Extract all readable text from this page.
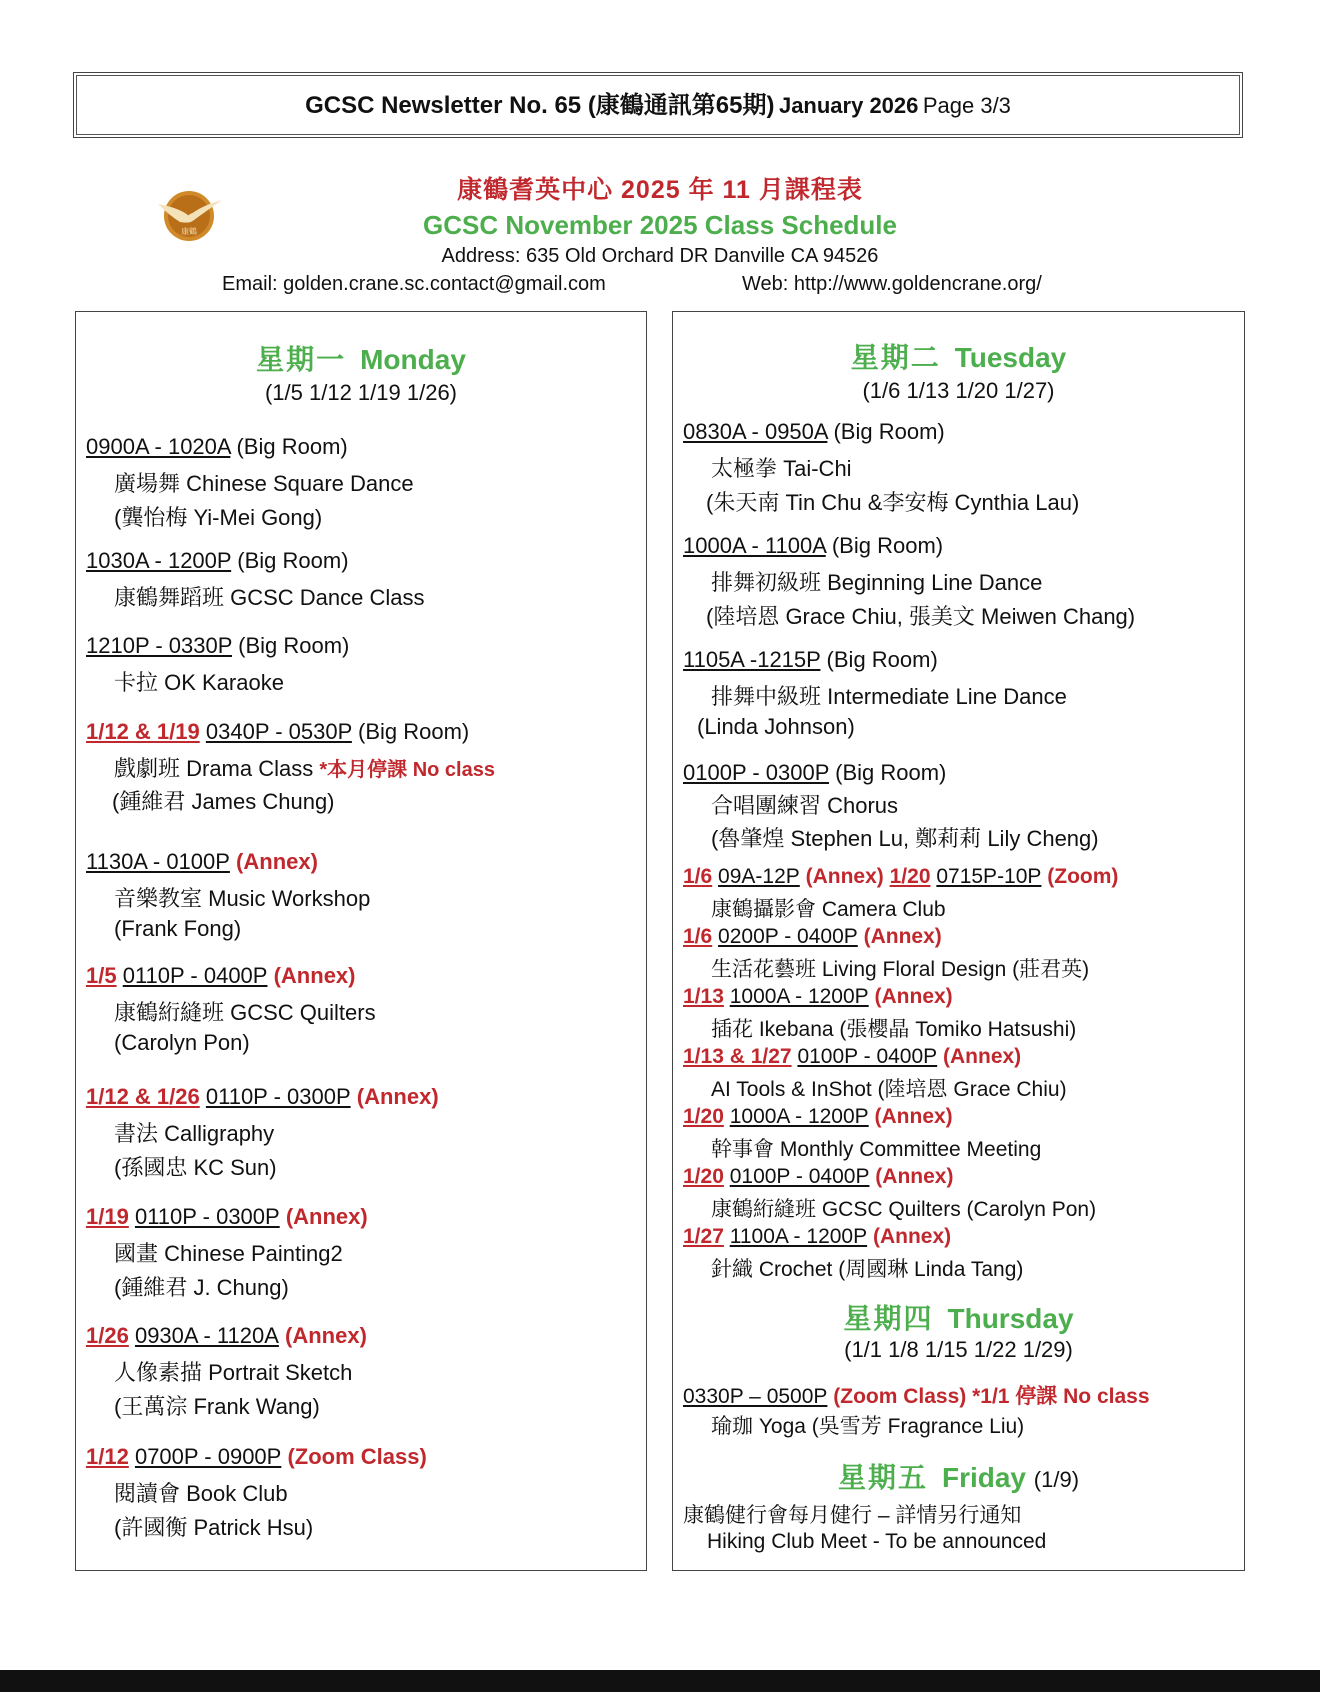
GCSC Newsletter No. 65 (康鶴通訊第65期) January 2026 Page 3/3
康鶴
康鶴耆英中心 2025 年 11 月課程表
GCSC November 2025 Class Schedule
Address: 635 Old Orchard DR Danville CA 94526
Email: golden.crane.sc.contact@gmail.com	Web: http://www.goldencrane.org/
星期一 Monday
(1/5 1/12 1/19 1/26)
0900A - 1020A (Big Room)
廣場舞 Chinese Square Dance
(龔怡梅 Yi-Mei Gong)
1030A - 1200P (Big Room)
康鶴舞蹈班 GCSC Dance Class
1210P - 0330P (Big Room)
卡拉 OK Karaoke
1/12 & 1/19 0340P - 0530P (Big Room)
戲劇班 Drama Class *本月停課 No class
(鍾維君 James Chung)
1130A - 0100P (Annex)
音樂教室 Music Workshop
(Frank Fong)
1/5 0110P - 0400P (Annex)
康鶴絎縫班 GCSC Quilters
(Carolyn Pon)
1/12 & 1/26 0110P - 0300P (Annex)
書法 Calligraphy
(孫國忠 KC Sun)
1/19 0110P - 0300P (Annex)
國畫 Chinese Painting2
(鍾維君 J. Chung)
1/26 0930A - 1120A (Annex)
人像素描 Portrait Sketch
(王萬淙 Frank Wang)
1/12 0700P - 0900P (Zoom Class)
閱讀會 Book Club
(許國衡 Patrick Hsu)
星期二 Tuesday
(1/6 1/13 1/20 1/27)
0830A - 0950A (Big Room)
太極拳 Tai-Chi
(朱天南 Tin Chu &李安梅 Cynthia Lau)
1000A - 1100A (Big Room)
排舞初級班 Beginning Line Dance
(陸培恩 Grace Chiu, 張美文 Meiwen Chang)
1105A -1215P (Big Room)
排舞中級班 Intermediate Line Dance
(Linda Johnson)
0100P - 0300P (Big Room)
合唱團練習 Chorus
(魯肇煌 Stephen Lu, 鄭莉莉 Lily Cheng)
1/6 09A-12P (Annex) 1/20 0715P-10P (Zoom)
康鶴攝影會 Camera Club
1/6 0200P - 0400P (Annex)
生活花藝班 Living Floral Design (莊君英)
1/13 1000A - 1200P (Annex)
插花 Ikebana (張櫻晶 Tomiko Hatsushi)
1/13 & 1/27 0100P - 0400P (Annex)
AI Tools & InShot (陸培恩 Grace Chiu)
1/20 1000A - 1200P (Annex)
幹事會 Monthly Committee Meeting
1/20 0100P - 0400P (Annex)
康鶴絎縫班 GCSC Quilters (Carolyn Pon)
1/27 1100A - 1200P (Annex)
針織 Crochet (周國琳 Linda Tang)
星期四 Thursday
(1/1 1/8 1/15 1/22 1/29)
0330P – 0500P (Zoom Class) *1/1 停課 No class
瑜珈 Yoga (吳雪芳 Fragrance Liu)
星期五 Friday (1/9)
康鶴健行會每月健行 – 詳情另行通知
Hiking Club Meet - To be announced
